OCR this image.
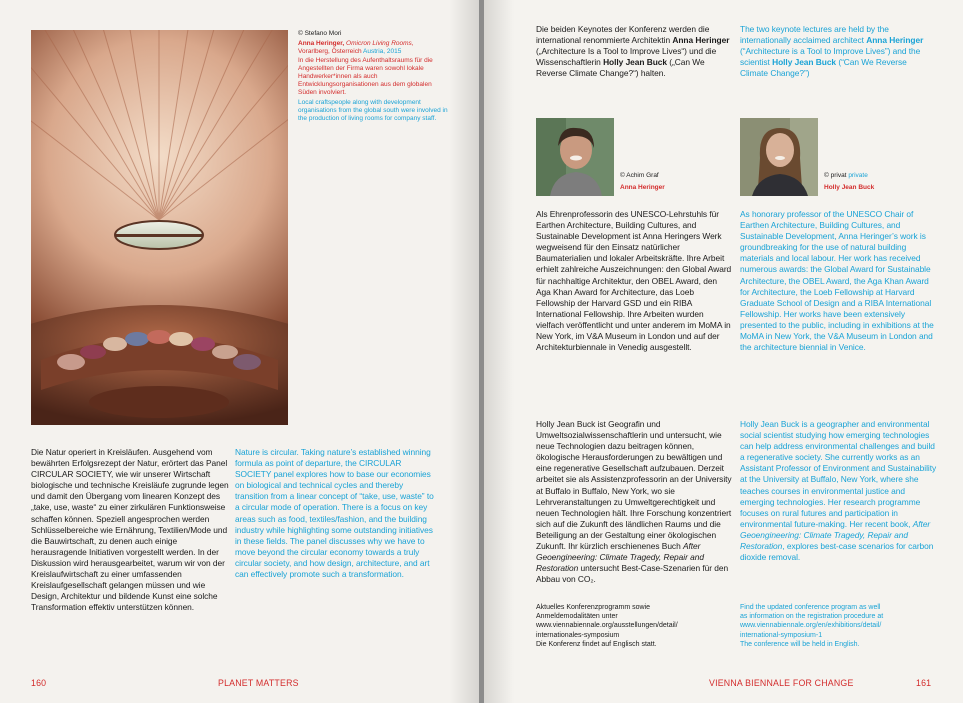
© Stefano Mori
Anna Heringer, Omicron Living Rooms,
Vorarlberg, Österreich Austria, 2015
In die Herstellung des Aufenthaltsraums für die Angestellten der Firma waren sowohl lokale Handwerker*innen als auch Entwicklungsorganisationen aus dem globalen Süden involviert.
Local craftspeople along with development organisations from the global south were involved in the production of living rooms for company staff.

Die Natur operiert in Kreisläufen. Ausgehend vom bewährten Erfolgsrezept der Natur, erörtert das Panel CIRCULAR SOCIETY, wie wir unserer Wirtschaft biologische und technische Kreisläufe zugrunde legen und damit den Übergang vom linearen Konzept des „take, use, waste“ zu einer zirkulären Funktionsweise schaffen können. Speziell angesprochen werden Schlüsselbereiche wie Ernährung, Textilien/Mode und die Bauwirtschaft, zu denen auch einige herausragende Initiativen vorgestellt werden. In der Diskussion wird herausgearbeitet, warum wir von der Kreislaufwirtschaft zu einer umfassenden Kreislaufgesellschaft gelangen müssen und wie Design, Architektur und bildende Kunst eine solche Transformation effektiv unterstützen können.

Nature is circular. Taking nature’s established winning formula as point of departure, the CIRCULAR SOCIETY panel explores how to base our economies on biological and technical cycles and thereby transition from a linear concept of “take, use, waste” to a circular mode of operation. There is a focus on key areas such as food, textiles/fashion, and the building industry while highlighting some outstanding initiatives in these fields. The panel discusses why we have to move beyond the circular economy towards a truly circular society, and how design, architecture, and art can effectively promote such a transformation.

160	PLANET MATTERS

Die beiden Keynotes der Konferenz werden die international renommierte Architektin Anna Heringer („Architecture Is a Tool to Improve Lives“) und die Wissenschaftlerin Holly Jean Buck („Can We Reverse Climate Change?“) halten.

The two keynote lectures are held by the internationally acclaimed architect Anna Heringer (“Architecture is a Tool to Improve Lives”) and the scientist Holly Jean Buck (“Can We Reverse Climate Change?”)

© Achim Graf
Anna Heringer
© privat private
Holly Jean Buck

Als Ehrenprofessorin des UNESCO-Lehrstuhls für Earthen Architecture, Building Cultures, and Sustainable Development ist Anna Heringers Werk wegweisend für den Einsatz natürlicher Baumaterialien und lokaler Arbeitskräfte. Ihre Arbeit erhielt zahlreiche Auszeichnungen: den Global Award für nachhaltige Architektur, den OBEL Award, den Aga Khan Award for Architecture, das Loeb Fellowship der Harvard GSD und ein RIBA International Fellowship. Ihre Arbeiten wurden vielfach veröffentlicht und unter anderem im MoMA in New York, im V&A Museum in London und auf der Architekturbiennale in Venedig ausgestellt.

As honorary professor of the UNESCO Chair of Earthen Architecture, Building Cultures, and Sustainable Development, Anna Heringer’s work is groundbreaking for the use of natural building materials and local labour. Her work has received numerous awards: the Global Award for Sustainable Architecture, the OBEL Award, the Aga Khan Award for Architecture, the Loeb Fellowship at Harvard Graduate School of Design and a RIBA International Fellowship. Her works have been extensively presented to the public, including in exhibitions at the MoMA in New York, the V&A Museum in London and the architecture biennial in Venice.

Holly Jean Buck ist Geografin und Umweltsozialwissenschaftlerin und untersucht, wie neue Technologien dazu beitragen können, ökologische Herausforderungen zu bewältigen und eine regenerative Gesellschaft aufzubauen. Derzeit arbeitet sie als Assistenzprofessorin an der University at Buffalo in Buffalo, New York, wo sie Lehrveranstaltungen zu Umweltgerechtigkeit und neuen Technologien hält. Ihre Forschung konzentriert sich auf die Zukunft des ländlichen Raums und die Beteiligung an der Gestaltung einer ökologischen Zukunft. Ihr kürzlich erschienenes Buch After Geoengineering: Climate Tragedy, Repair and Restoration untersucht Best-Case-Szenarien für den Abbau von CO₂.

Holly Jean Buck is a geographer and environmental social scientist studying how emerging technologies can help address environmental challenges and build a regenerative society. She currently works as an Assistant Professor of Environment and Sustainability at the University at Buffalo, New York, where she teaches courses in environmental justice and emerging technologies. Her research programme focuses on rural futures and participation in environmental future-making. Her recent book, After Geoengineering: Climate Tragedy, Repair and Restoration, explores best-case scenarios for carbon dioxide removal.

Aktuelles Konferenzprogramm sowie

Anmeldemodalitäten unter

www.viennabiennale.org/ausstellungen/detail/

internationales-symposium

Die Konferenz findet auf Englisch statt.

Find the updated conference program as well

as information on the registration procedure at

www.viennabiennale.org/en/exhibitions/detail/

international-symposium-1

The conference will be held in English.

VIENNA BIENNALE FOR CHANGE	161
